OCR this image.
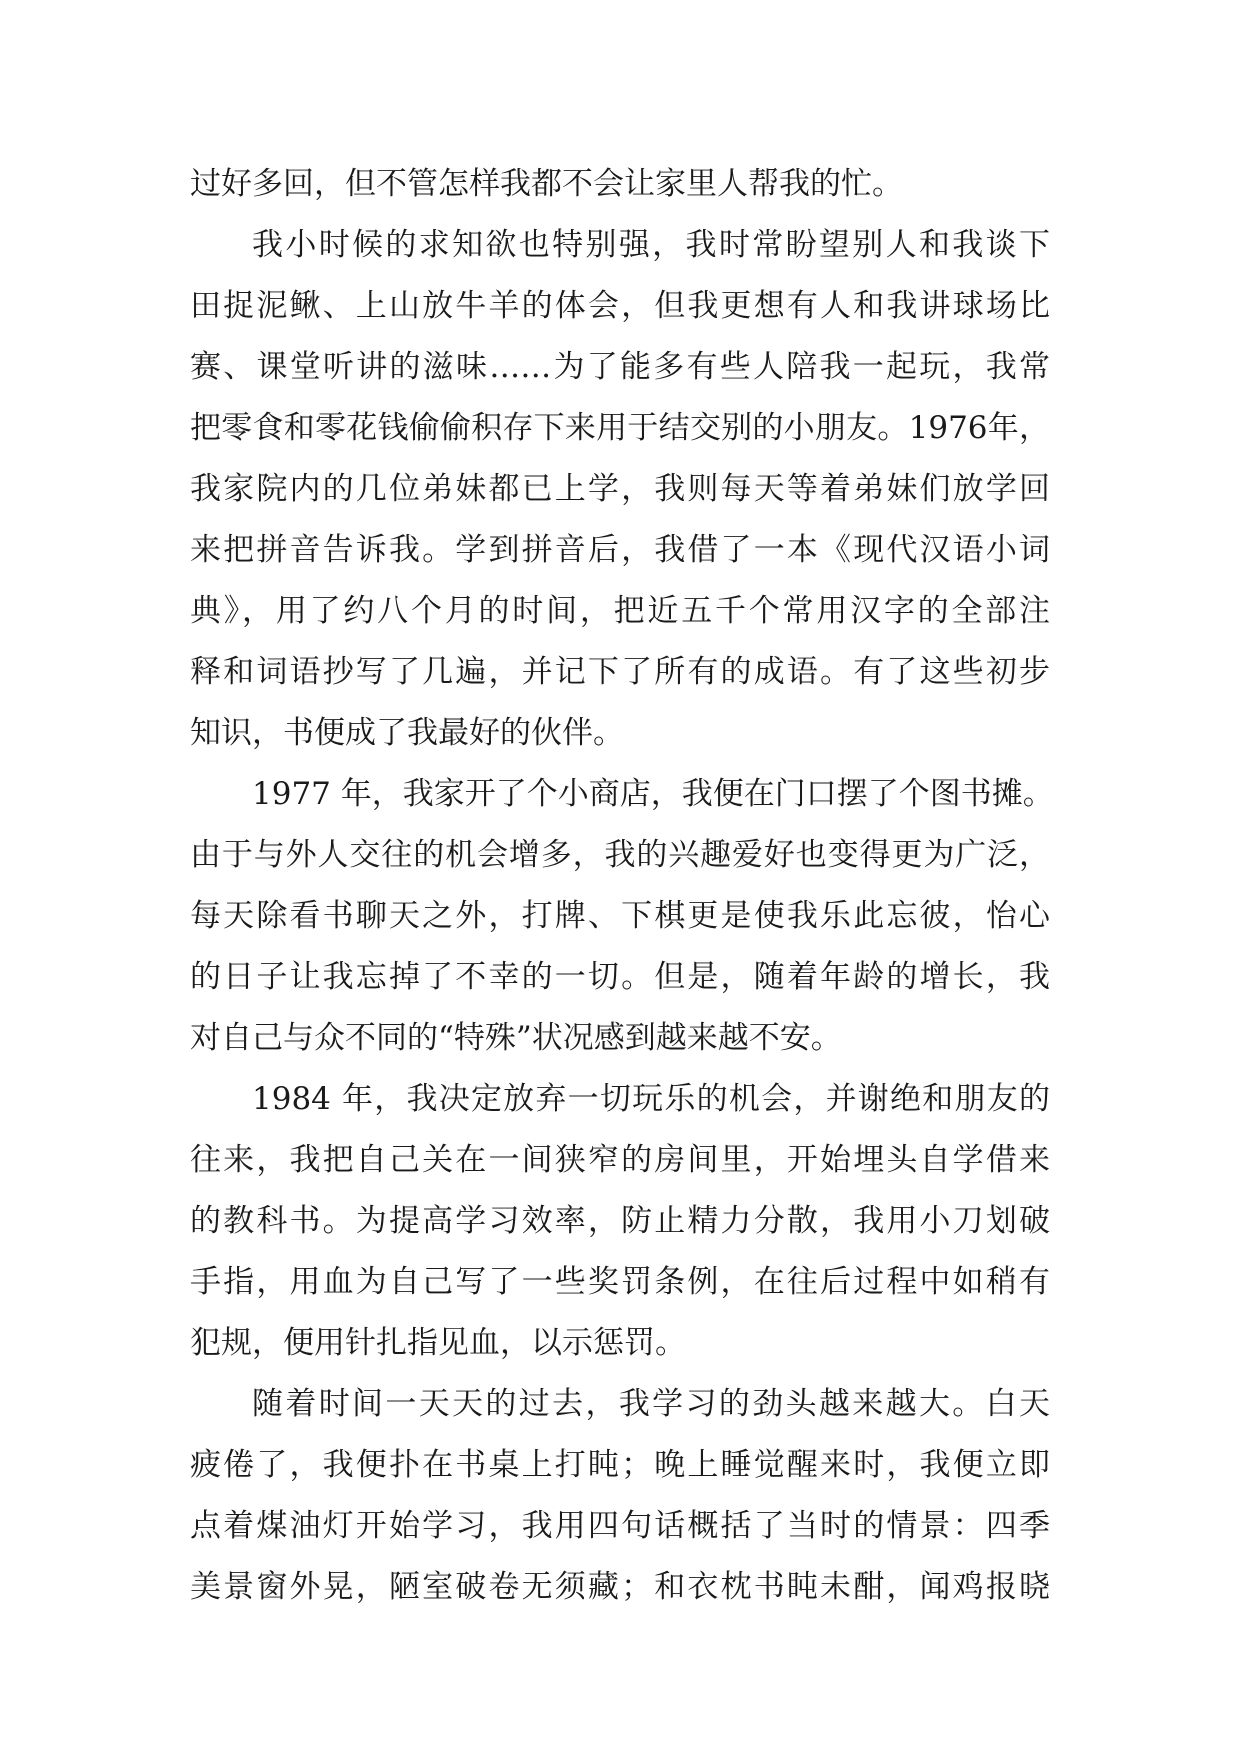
过好多回，但不管怎样我都不会让家里人帮我的忙。
我小时候的求知欲也特别强，我时常盼望别人和我谈下
田捉泥鳅、上山放牛羊的体会，但我更想有人和我讲球场比
赛、课堂听讲的滋味……为了能多有些人陪我一起玩，我常
把零食和零花钱偷偷积存下来用于结交别的小朋友。1976年，
我家院内的几位弟妹都已上学，我则每天等着弟妹们放学回
来把拼音告诉我。学到拼音后，我借了一本《现代汉语小词
典》，用了约八个月的时间，把近五千个常用汉字的全部注
释和词语抄写了几遍，并记下了所有的成语。有了这些初步
知识，书便成了我最好的伙伴。
1977 年，我家开了个小商店，我便在门口摆了个图书摊。
由于与外人交往的机会增多，我的兴趣爱好也变得更为广泛，
每天除看书聊天之外，打牌、下棋更是使我乐此忘彼，怡心
的日子让我忘掉了不幸的一切。但是，随着年龄的增长，我
对自己与众不同的“特殊”状况感到越来越不安。
1984 年，我决定放弃一切玩乐的机会，并谢绝和朋友的
往来，我把自己关在一间狭窄的房间里，开始埋头自学借来
的教科书。为提高学习效率，防止精力分散，我用小刀划破
手指，用血为自己写了一些奖罚条例，在往后过程中如稍有
犯规，便用针扎指见血，以示惩罚。
随着时间一天天的过去，我学习的劲头越来越大。白天
疲倦了，我便扑在书桌上打盹；晚上睡觉醒来时，我便立即
点着煤油灯开始学习，我用四句话概括了当时的情景：四季
美景窗外晃，陋室破卷无须藏；和衣枕书盹未酣，闻鸡报晓
